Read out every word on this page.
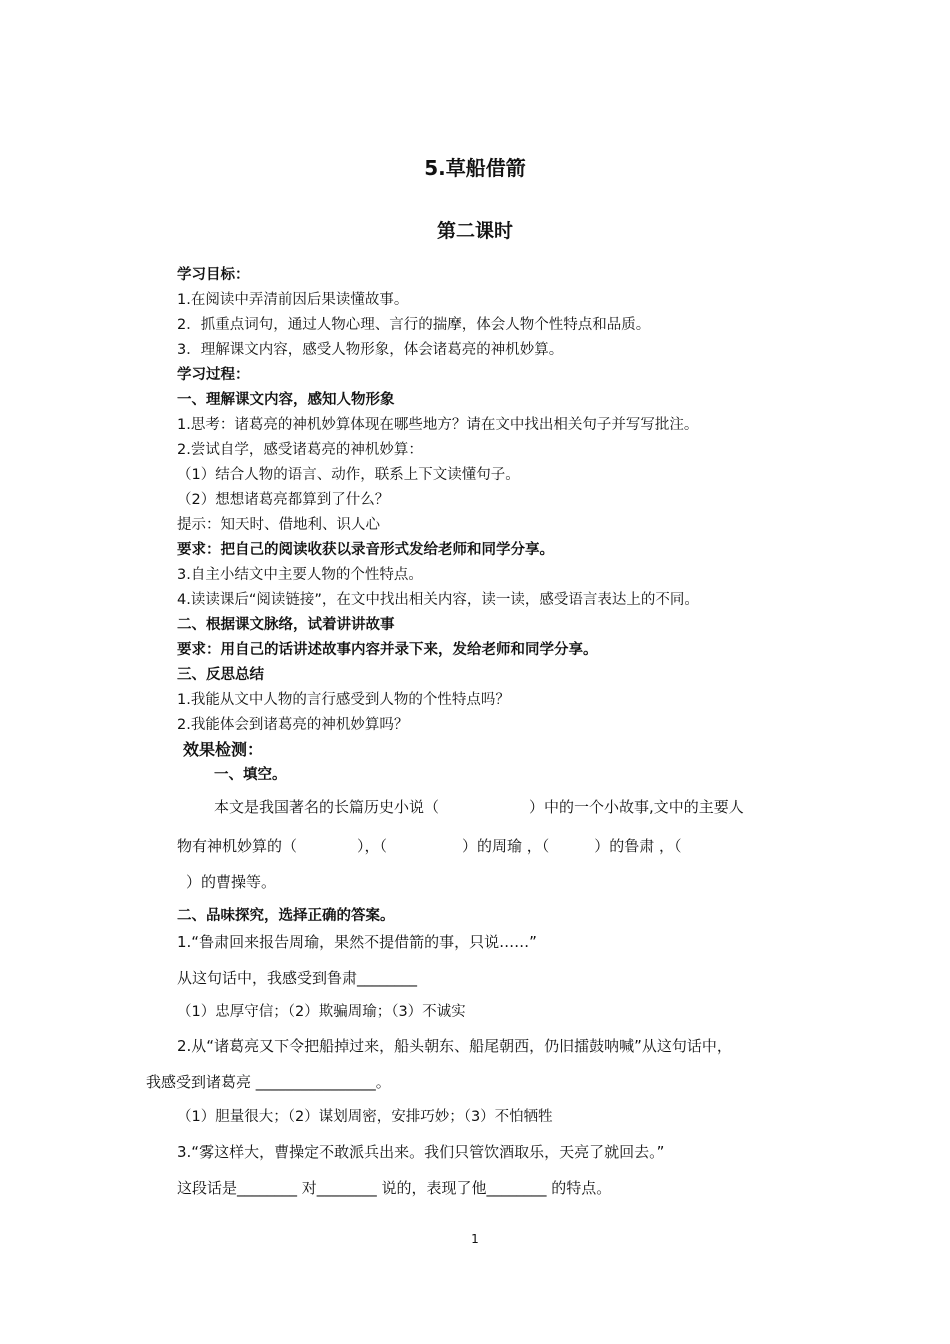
5.草船借箭
第二课时
学习目标：
1.在阅读中弄清前因后果读懂故事。
2．抓重点词句，通过人物心理、言行的揣摩，体会人物个性特点和品质。
3．理解课文内容，感受人物形象，体会诸葛亮的神机妙算。
学习过程：
一、理解课文内容，感知人物形象
1.思考：诸葛亮的神机妙算体现在哪些地方？请在文中找出相关句子并写写批注。
2.尝试自学，感受诸葛亮的神机妙算：
（1）结合人物的语言、动作，联系上下文读懂句子。
（2）想想诸葛亮都算到了什么？
提示：知天时、借地利、识人心
要求：把自己的阅读收获以录音形式发给老师和同学分享。
3.自主小结文中主要人物的个性特点。
4.读读课后“阅读链接”，在文中找出相关内容，读一读，感受语言表达上的不同。
二、根据课文脉络，试着讲讲故事
要求：用自己的话讲述故事内容并录下来，发给老师和同学分享。
三、反思总结
1.我能从文中人物的言行感受到人物的个性特点吗？
2.我能体会到诸葛亮的神机妙算吗？
效果检测：
一、填空。
本文是我国著名的长篇历史小说（　　　　　　）中的一个小故事,文中的主要人
物有神机妙算的（　　　　），（　　　　　）的周瑜 ，（　　　）的鲁肃 ，（
）的曹操等。
二、品味探究，选择正确的答案。
1.“鲁肃回来报告周瑜，果然不提借箭的事，只说……”
从这句话中，我感受到鲁肃________
（1）忠厚守信；（2）欺骗周瑜；（3）不诚实
2.从“诸葛亮又下令把船掉过来，船头朝东、船尾朝西，仍旧擂鼓呐喊”从这句话中，
我感受到诸葛亮 ________________。
（1）胆量很大；（2）谋划周密，安排巧妙；（3）不怕牺牲
3.“雾这样大，曹操定不敢派兵出来。我们只管饮酒取乐，天亮了就回去。”
这段话是________ 对________ 说的，表现了他________ 的特点。
1
